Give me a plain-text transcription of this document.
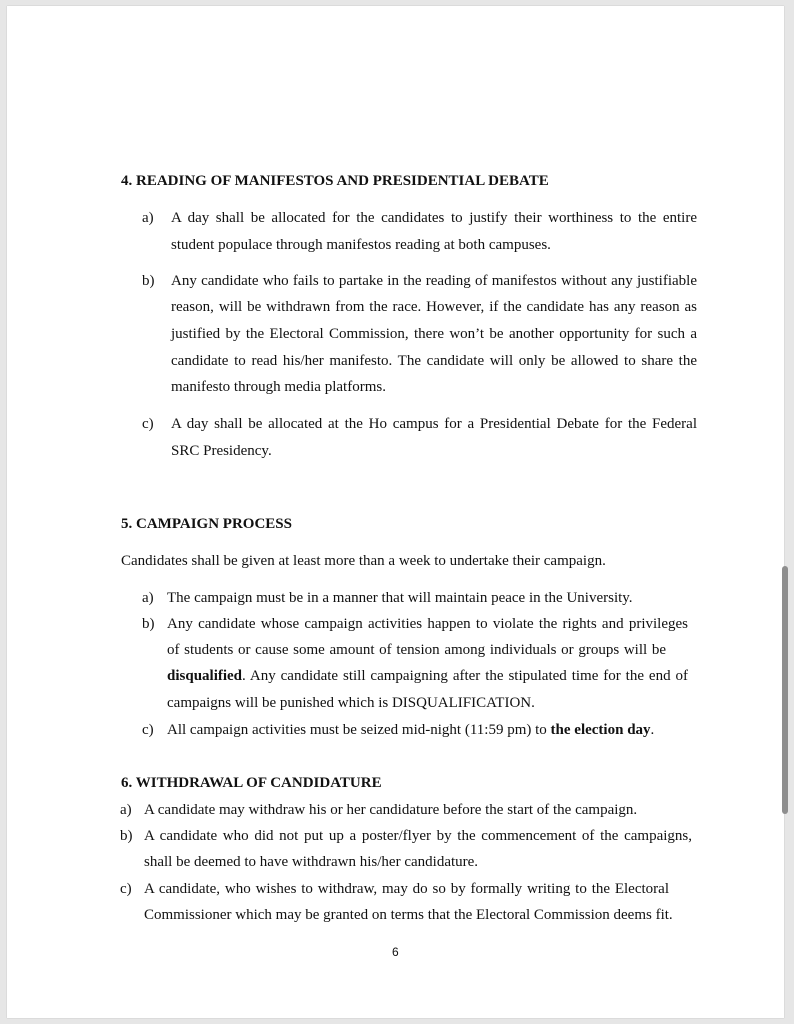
4. READING OF MANIFESTOS AND PRESIDENTIAL DEBATE
a) A day shall be allocated for the candidates to justify their worthiness to the entire
student populace through manifestos reading at both campuses.
b) Any candidate who fails to partake in the reading of manifestos without any justifiable
reason, will be withdrawn from the race. However, if the candidate has any reason as
justified by the Electoral Commission, there won’t be another opportunity for such a
candidate to read his/her manifesto. The candidate will only be allowed to share the
manifesto through media platforms.
c) A day shall be allocated at the Ho campus for a Presidential Debate for the Federal
SRC Presidency.
5. CAMPAIGN PROCESS
Candidates shall be given at least more than a week to undertake their campaign.
a) The campaign must be in a manner that will maintain peace in the University.
b) Any candidate whose campaign activities happen to violate the rights and privileges
of students or cause some amount of tension among individuals or groups will be
disqualified. Any candidate still campaigning after the stipulated time for the end of
campaigns will be punished which is DISQUALIFICATION.
c) All campaign activities must be seized mid-night (11:59 pm) to the election day.
6. WITHDRAWAL OF CANDIDATURE
a) A candidate may withdraw his or her candidature before the start of the campaign.
b) A candidate who did not put up a poster/flyer by the commencement of the campaigns,
shall be deemed to have withdrawn his/her candidature.
c) A candidate, who wishes to withdraw, may do so by formally writing to the Electoral
Commissioner which may be granted on terms that the Electoral Commission deems fit.
6
